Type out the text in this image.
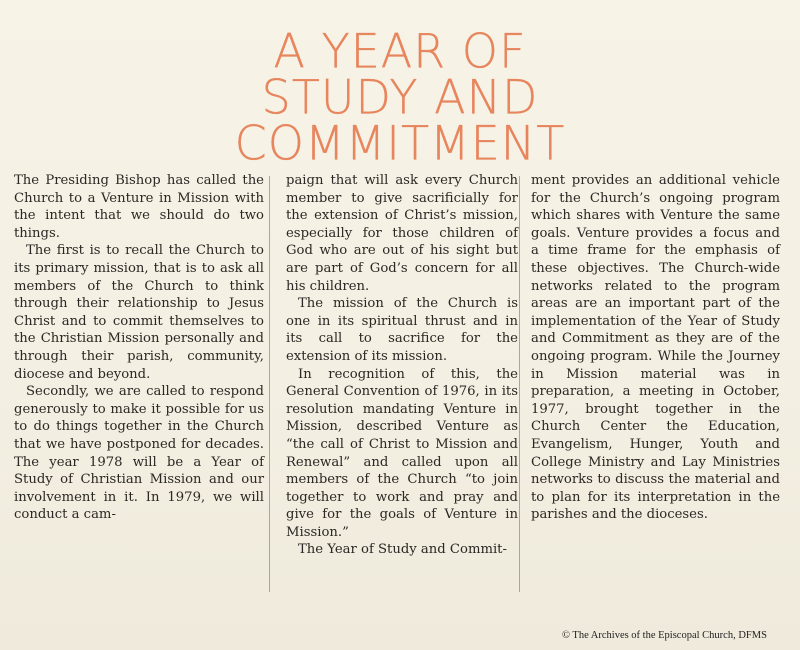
A YEAR OF
STUDY AND
COMMITMENT

The Presiding Bishop has called the Church to a Venture in Mission with the intent that we should do two things.

The first is to recall the Church to its primary mission, that is to ask all members of the Church to think through their relationship to Jesus Christ and to commit themselves to the Christian Mission personally and through their parish, community, diocese and beyond.

Secondly, we are called to respond generously to make it possible for us to do things together in the Church that we have postponed for decades. The year 1978 will be a Year of Study of Christian Mission and our involvement in it. In 1979, we will conduct a cam-

paign that will ask every Church member to give sacrificially for the extension of Christ’s mission, especially for those children of God who are out of his sight but are part of God’s concern for all his children.

The mission of the Church is one in its spiritual thrust and in its call to sacrifice for the extension of its mission.

In recognition of this, the General Convention of 1976, in its resolution mandating Venture in Mission, described Venture as “the call of Christ to Mission and Renewal” and called upon all members of the Church “to join together to work and pray and give for the goals of Venture in Mission.”

The Year of Study and Commit-

ment provides an additional vehicle for the Church’s ongoing program which shares with Venture the same goals. Venture provides a focus and a time frame for the emphasis of these objectives. The Church-wide networks related to the program areas are an important part of the implementation of the Year of Study and Commitment as they are of the ongoing program. While the Journey in Mission material was in preparation, a meeting in October, 1977, brought together in the Church Center the Education, Evangelism, Hunger, Youth and College Ministry and Lay Ministries networks to discuss the material and to plan for its interpretation in the parishes and the dioceses.

© The Archives of the Episcopal Church, DFMS
